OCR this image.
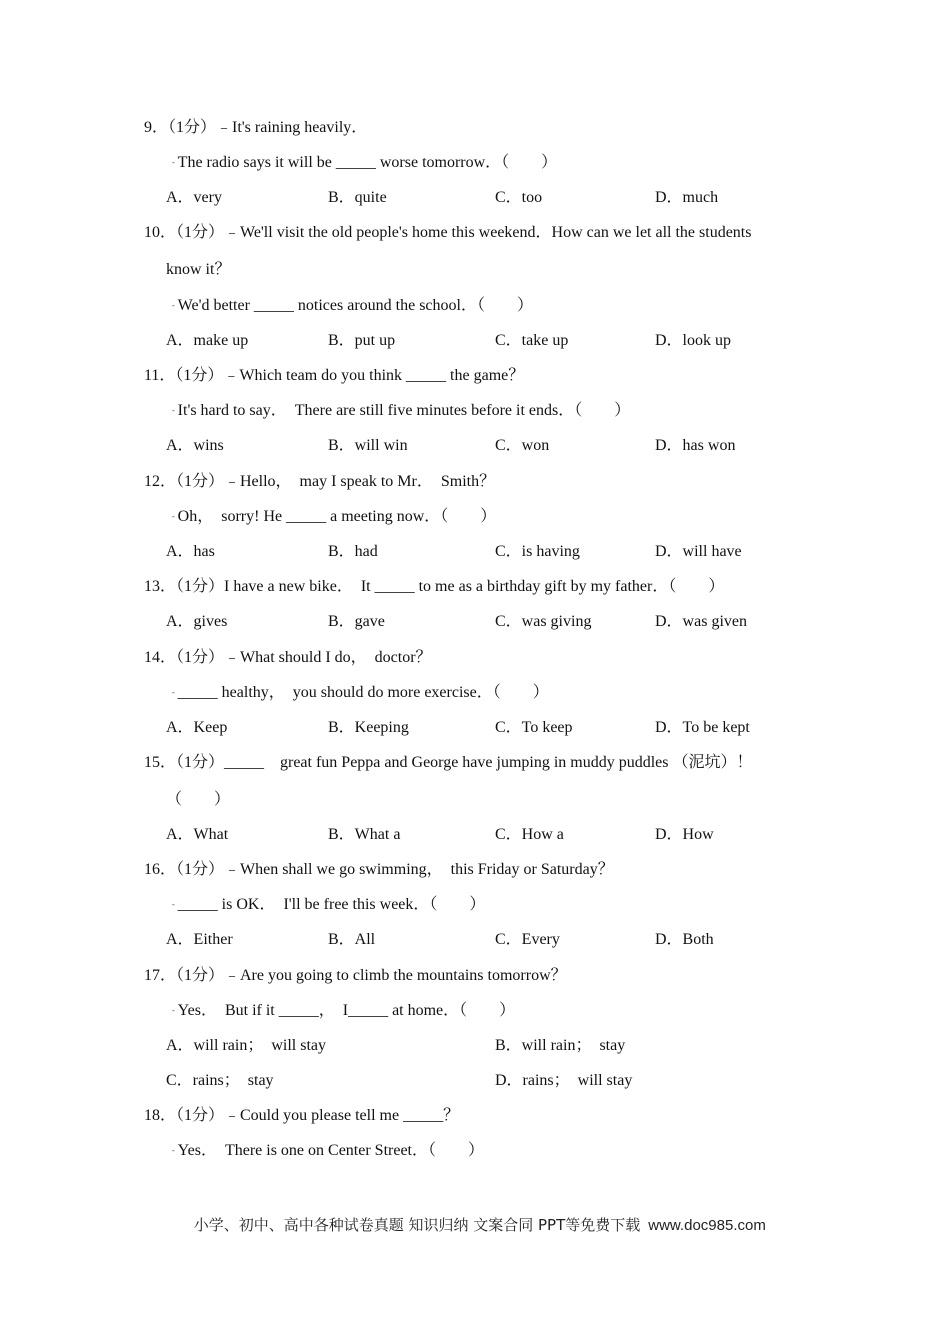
9．（1分）﹣It's raining heavily．
- The radio says it will be _____ worse tomorrow．（　　）
A．very	B．quite	C．too	D．much
10．（1分）﹣We'll visit the old people's home this weekend．How can we let all the students
know it？
- We'd better _____ notices around the school．（　　）
A．make up	B．put up	C．take up	D．look up
11．（1分）﹣Which team do you think _____ the game？
- It's hard to say．　There are still five minutes before it ends．（　　）
A．wins	B．will win	C．won	D．has won
12．（1分）﹣Hello，　may I speak to Mr．　Smith？
- Oh，　sorry! He _____ a meeting now．（　　）
A．has	B．had	C．is having	D．will have
13．（1分）I have a new bike．　It _____ to me as a birthday gift by my father．（　　）
A．gives	B．gave	C．was giving	D．was given
14．（1分）﹣What should I do，　doctor？
- _____ healthy，　you should do more exercise．（　　）
A．Keep	B．Keeping	C．To keep	D．To be kept
15．（1分）_____　great fun Peppa and George have jumping in muddy puddles （泥坑）！
（　　）
A．What	B．What a	C．How a	D．How
16．（1分）﹣When shall we go swimming，　this Friday or Saturday？
- _____ is OK．　I'll be free this week．（　　）
A．Either	B．All	C．Every	D．Both
17．（1分）﹣Are you going to climb the mountains tomorrow？
- Yes．　But if it _____，　I_____ at home．（　　）
A．will rain；　will stay	B．will rain；　stay
C．rains；　stay	D．rains；　will stay
18．（1分）﹣Could you please tell me _____？
- Yes．　There is one on Center Street．（　　）

小学、初中、高中各种试卷真题 知识归纳 文案合同 PPT等免费下载 www.doc985.com
